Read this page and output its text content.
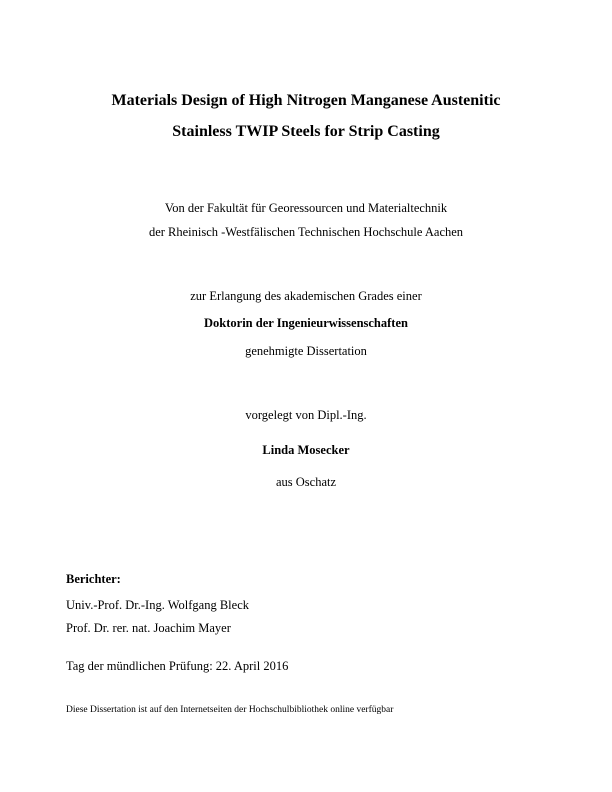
Materials Design of High Nitrogen Manganese Austenitic
Stainless TWIP Steels for Strip Casting

Von der Fakultät für Georessourcen und Materialtechnik

der Rheinisch -Westfälischen Technischen Hochschule Aachen

zur Erlangung des akademischen Grades einer

Doktorin der Ingenieurwissenschaften

genehmigte Dissertation

vorgelegt von Dipl.-Ing.

Linda Mosecker

aus Oschatz

Berichter:

Univ.-Prof. Dr.-Ing. Wolfgang Bleck

Prof. Dr. rer. nat. Joachim Mayer

Tag der mündlichen Prüfung: 22. April 2016

Diese Dissertation ist auf den Internetseiten der Hochschulbibliothek online verfügbar
